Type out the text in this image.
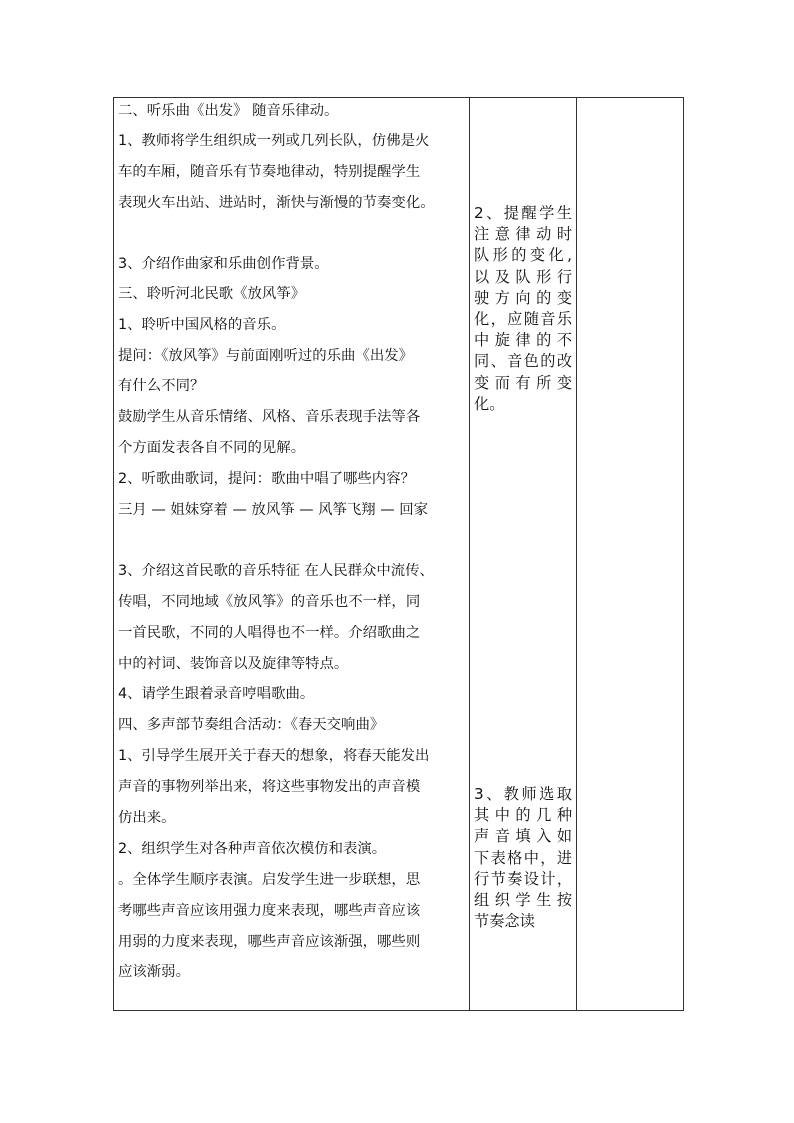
二、听乐曲《出发》 随音乐律动。
1、教师将学生组织成一列或几列长队，仿佛是火
车的车厢，随音乐有节奏地律动，特别提醒学生
表现火车出站、进站时，渐快与渐慢的节奏变化。
3、介绍作曲家和乐曲创作背景。
三、聆听河北民歌《放风筝》
1、聆听中国风格的音乐。
提问：《放风筝》与前面刚听过的乐曲《出发》
有什么不同？
鼓励学生从音乐情绪、风格、音乐表现手法等各
个方面发表各自不同的见解。
2、听歌曲歌词，提问：歌曲中唱了哪些内容？
三月 — 姐妹穿着 — 放风筝 — 风筝飞翔 — 回家
3、介绍这首民歌的音乐特征 在人民群众中流传、
传唱，不同地域《放风筝》的音乐也不一样，同
一首民歌，不同的人唱得也不一样。介绍歌曲之
中的衬词、装饰音以及旋律等特点。
4、请学生跟着录音哼唱歌曲。
四、多声部节奏组合活动：《春天交响曲》
1、引导学生展开关于春天的想象，将春天能发出
声音的事物列举出来，将这些事物发出的声音模
仿出来。
2、组织学生对各种声音依次模仿和表演。
。全体学生顺序表演。启发学生进一步联想，思
考哪些声音应该用强力度来表现，哪些声音应该
用弱的力度来表现，哪些声音应该渐强，哪些则
应该渐弱。
2、提醒学生
注意律动时
队形的变化,
以及队形行
驶方向的变
化，应随音乐
中旋律的不
同、音色的改
变而有所变
化。
3、教师选取
其中的几种
声音填入如
下表格中，进
行节奏设计，
组织学生按
节奏念读
